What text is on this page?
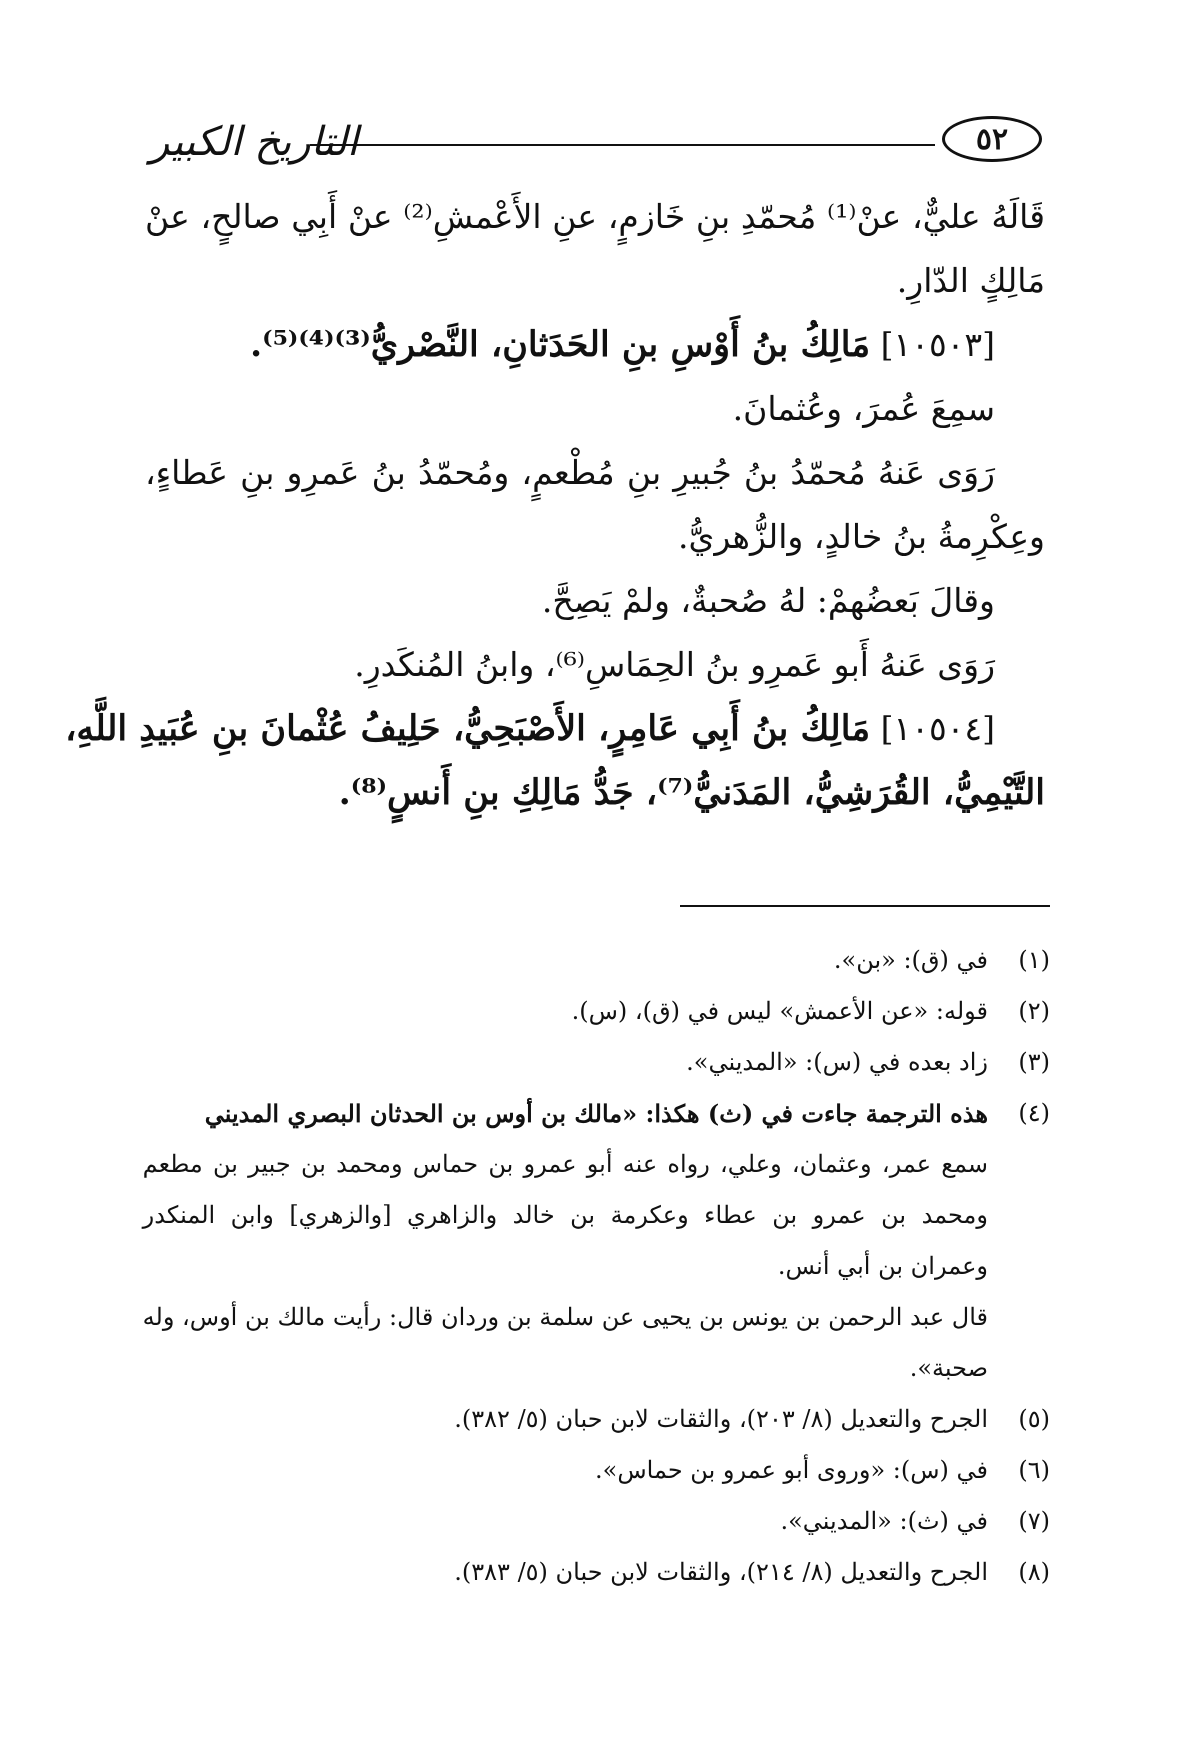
التاريخ الكبير	٥٢
قَالَهُ عليٌّ، عنْ⁽¹⁾ مُحمّدِ بنِ خَازمٍ، عنِ الأَعْمشِ⁽²⁾ عنْ أَبِي صالحٍ، عنْ
مَالِكٍ الدّارِ.
[١٠٥٠٣] مَالِكُ بنُ أَوْسِ بنِ الحَدَثانِ، النَّصْريُّ⁽³⁾⁽⁴⁾⁽⁵⁾.
سمِعَ عُمرَ، وعُثمانَ.
رَوَى عَنهُ مُحمّدُ بنُ جُبيرِ بنِ مُطْعمٍ، ومُحمّدُ بنُ عَمرِو بنِ عَطاءٍ،
وعِكْرِمةُ بنُ خالدٍ، والزُّهريُّ.
وقالَ بَعضُهمْ: لهُ صُحبةٌ، ولمْ يَصِحَّ.
رَوَى عَنهُ أَبو عَمرِو بنُ الحِمَاسِ⁽⁶⁾، وابنُ المُنكَدرِ.
[١٠٥٠٤] مَالِكُ بنُ أَبِي عَامِرٍ، الأَصْبَحِيُّ، حَلِيفُ عُثْمانَ بنِ عُبَيدِ اللَّهِ،
التَّيْمِيُّ، القُرَشِيُّ، المَدَنيُّ⁽⁷⁾، جَدُّ مَالِكِ بنِ أَنسٍ⁽⁸⁾.
(١)
في (ق): «بن».
(٢)
قوله: «عن الأعمش» ليس في (ق)، (س).
(٣)
زاد بعده في (س): «المديني».
(٤)
هذه الترجمة جاءت في (ث) هكذا: «مالك بن أوس بن الحدثان البصري المديني
سمع عمر، وعثمان، وعلي، رواه عنه أبو عمرو بن حماس ومحمد بن جبير بن مطعم
ومحمد بن عمرو بن عطاء وعكرمة بن خالد والزاهري [والزهري] وابن المنكدر
وعمران بن أبي أنس.
قال عبد الرحمن بن يونس بن يحيى عن سلمة بن وردان قال: رأيت مالك بن أوس، وله
صحبة».
(٥)
الجرح والتعديل (٨/ ٢٠٣)، والثقات لابن حبان (٥/ ٣٨٢).
(٦)
في (س): «وروى أبو عمرو بن حماس».
(٧)
في (ث): «المديني».
(٨)
الجرح والتعديل (٨/ ٢١٤)، والثقات لابن حبان (٥/ ٣٨٣).
